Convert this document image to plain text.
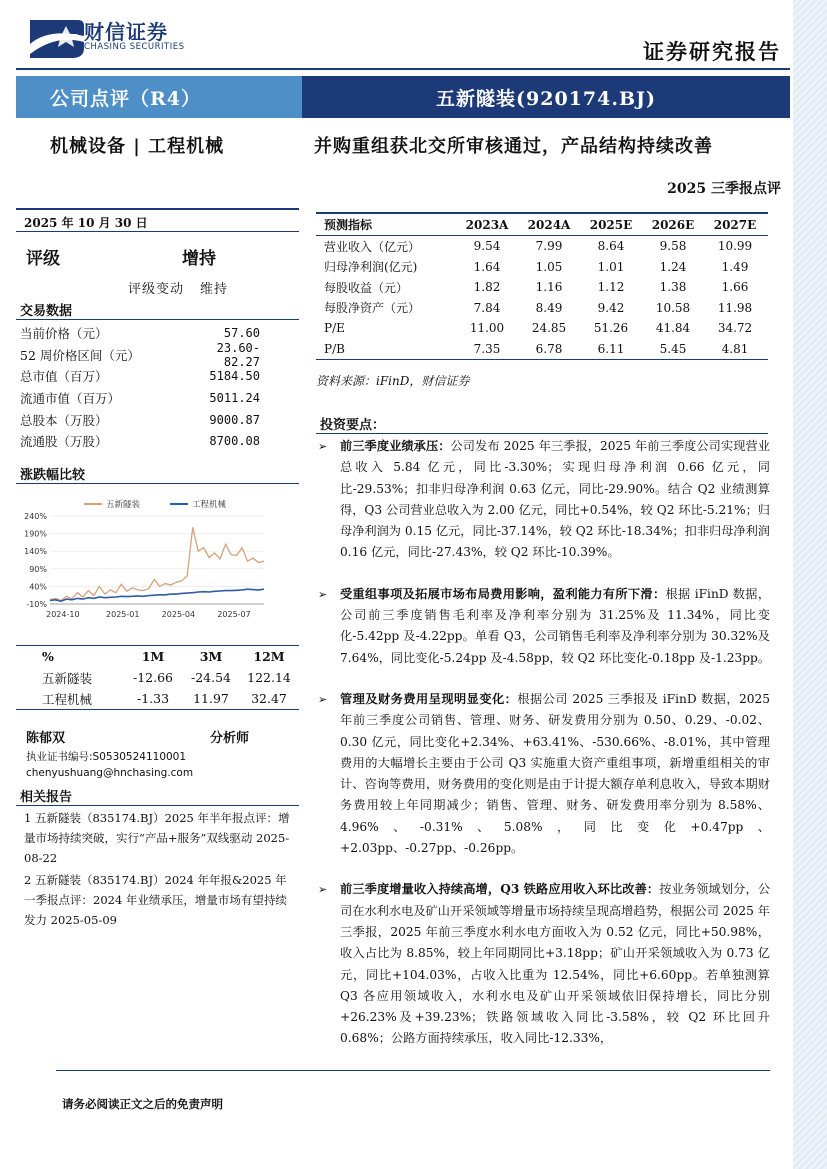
财信证券
CHASING SECURITIES	证券研究报告
公司点评（R4）	五新隧装(920174.BJ)
机械设备 | 工程机械	并购重组获北交所审核通过，产品结构持续改善
2025 三季报点评
2025 年 10 月 30 日
评级	增持
评级变动 维持
交易数据
当前价格（元）	57.60
52 周价格区间（元）	23.60-82.27
总市值（百万）	5184.50
流通市值（百万）	5011.24
总股本（万股）	9000.87
流通股（万股）	8700.08
涨跌幅比较
240%
190%
140%
90%
40%
-10%
2024-10	2025-01	2025-04	2025-07
五新隧装	工程机械
%	1M	3M	12M
五新隧装	-12.66	-24.54	122.14
工程机械	-1.33	11.97	32.47
陈郁双	分析师
执业证书编号:S0530524110001
chenyushuang@hnchasing.com
相关报告

1 五新隧装（835174.BJ）2025 年半年报点评：增量市场持续突破，实行“产品+服务”双线驱动 2025-08-22

2 五新隧装（835174.BJ）2024 年年报&2025 年一季报点评：2024 年业绩承压，增量市场有望持续发力 2025-05-09

预测指标	2023A	2024A	2025E	2026E	2027E
营业收入（亿元）	9.54	7.99	8.64	9.58	10.99
归母净利润(亿元)	1.64	1.05	1.01	1.24	1.49
每股收益（元）	1.82	1.16	1.12	1.38	1.66
每股净资产（元）	7.84	8.49	9.42	10.58	11.98
P/E	11.00	24.85	51.26	41.84	34.72
P/B	7.35	6.78	6.11	5.45	4.81
资料来源：iFinD，财信证券
投资要点：
➢ 前三季度业绩承压：公司发布 2025 年三季报，2025 年前三季度公司实现营业总收入 5.84 亿元，同比-3.30%；实现归母净利润 0.66 亿元，同比-29.53%；扣非归母净利润 0.63 亿元，同比-29.90%。结合 Q2 业绩测算得，Q3 公司营业总收入为 2.00 亿元，同比+0.54%，较 Q2 环比-5.21%；归母净利润为 0.15 亿元，同比-37.14%，较 Q2 环比-18.34%；扣非归母净利润 0.16 亿元，同比-27.43%，较 Q2 环比-10.39%。
➢ 受重组事项及拓展市场布局费用影响，盈利能力有所下滑：根据 iFinD 数据，公司前三季度销售毛利率及净利率分别为 31.25%及 11.34%，同比变化-5.42pp 及-4.22pp。单看 Q3，公司销售毛利率及净利率分别为 30.32%及 7.64%，同比变化-5.24pp 及-4.58pp，较 Q2 环比变化-0.18pp 及-1.23pp。
➢ 管理及财务费用呈现明显变化：根据公司 2025 三季报及 iFinD 数据，2025 年前三季度公司销售、管理、财务、研发费用分别为 0.50、0.29、-0.02、0.30 亿元，同比变化+2.34%、+63.41%、-530.66%、-8.01%，其中管理费用的大幅增长主要由于公司 Q3 实施重大资产重组事项，新增重组相关的审计、咨询等费用，财务费用的变化则是由于计提大额存单利息收入，导致本期财务费用较上年同期减少；销售、管理、财务、研发费用率分别为 8.58%、4.96%、-0.31%、5.08%，同比变化+0.47pp、+2.03pp、-0.27pp、-0.26pp。
➢ 前三季度增量收入持续高增，Q3 铁路应用收入环比改善：按业务领域划分，公司在水利水电及矿山开采领域等增量市场持续呈现高增趋势，根据公司 2025 年三季报，2025 年前三季度水利水电方面收入为 0.52 亿元，同比+50.98%，收入占比为 8.85%，较上年同期同比+3.18pp；矿山开采领域收入为 0.73 亿元，同比+104.03%，占收入比重为 12.54%，同比+6.60pp。若单独测算 Q3 各应用领域收入，水利水电及矿山开采领域依旧保持增长，同比分别+26.23%及+39.23%；铁路领域收入同比-3.58%，较 Q2 环比回升 0.68%；公路方面持续承压，收入同比-12.33%，
请务必阅读正文之后的免责声明
